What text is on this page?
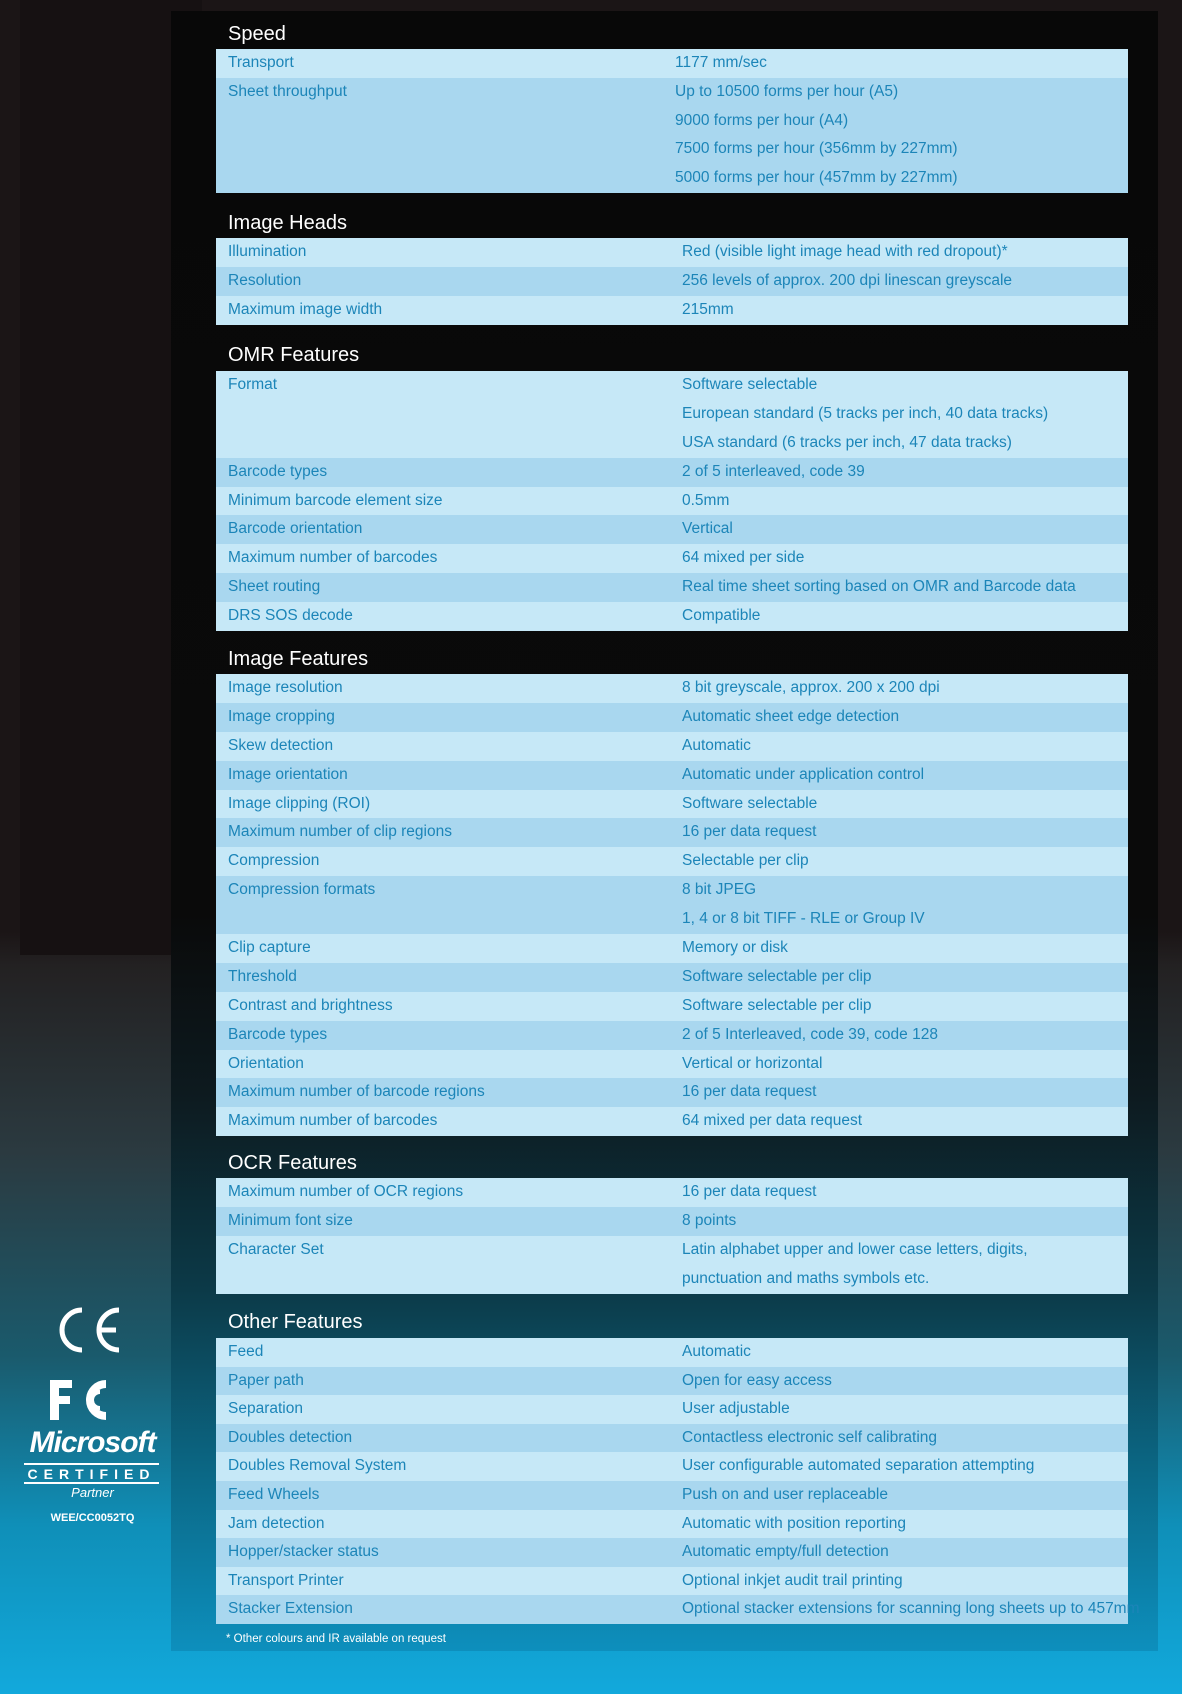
Speed
Transport	1177 mm/sec
Sheet throughput	Up to 10500 forms per hour (A5)
9000 forms per hour (A4)
7500 forms per hour (356mm by 227mm)
5000 forms per hour (457mm by 227mm)
Image Heads
Illumination	Red (visible light image head with red dropout)*
Resolution	256 levels of approx. 200 dpi linescan greyscale
Maximum image width	215mm
OMR Features
Format	Software selectable
European standard (5 tracks per inch, 40 data tracks)
USA standard (6 tracks per inch, 47 data tracks)
Barcode types	2 of 5 interleaved, code 39
Minimum barcode element size	0.5mm
Barcode orientation	Vertical
Maximum number of barcodes	64 mixed per side
Sheet routing	Real time sheet sorting based on OMR and Barcode data
DRS SOS decode	Compatible
Image Features
Image resolution	8 bit greyscale, approx. 200 x 200 dpi
Image cropping	Automatic sheet edge detection
Skew detection	Automatic
Image orientation	Automatic under application control
Image clipping (ROI)	Software selectable
Maximum number of clip regions	16 per data request
Compression	Selectable per clip
Compression formats	8 bit JPEG
1, 4 or 8 bit TIFF - RLE or Group IV
Clip capture	Memory or disk
Threshold	Software selectable per clip
Contrast and brightness	Software selectable per clip
Barcode types	2 of 5 Interleaved, code 39, code 128
Orientation	Vertical or horizontal
Maximum number of barcode regions	16 per data request
Maximum number of barcodes	64 mixed per data request
OCR Features
Maximum number of OCR regions	16 per data request
Minimum font size	8 points
Character Set	Latin alphabet upper and lower case letters, digits,
punctuation and maths symbols etc.
Other Features
Feed	Automatic
Paper path	Open for easy access
Separation	User adjustable
Doubles detection	Contactless electronic self calibrating
Doubles Removal System	User configurable automated separation attempting
Feed Wheels	Push on and user replaceable
Jam detection	Automatic with position reporting
Hopper/stacker status	Automatic empty/full detection
Transport Printer	Optional inkjet audit trail printing
Stacker Extension	Optional stacker extensions for scanning long sheets up to 457mm
* Other colours and IR available on request
Microsoft
CERTIFIED
Partner
WEE/CC0052TQ
